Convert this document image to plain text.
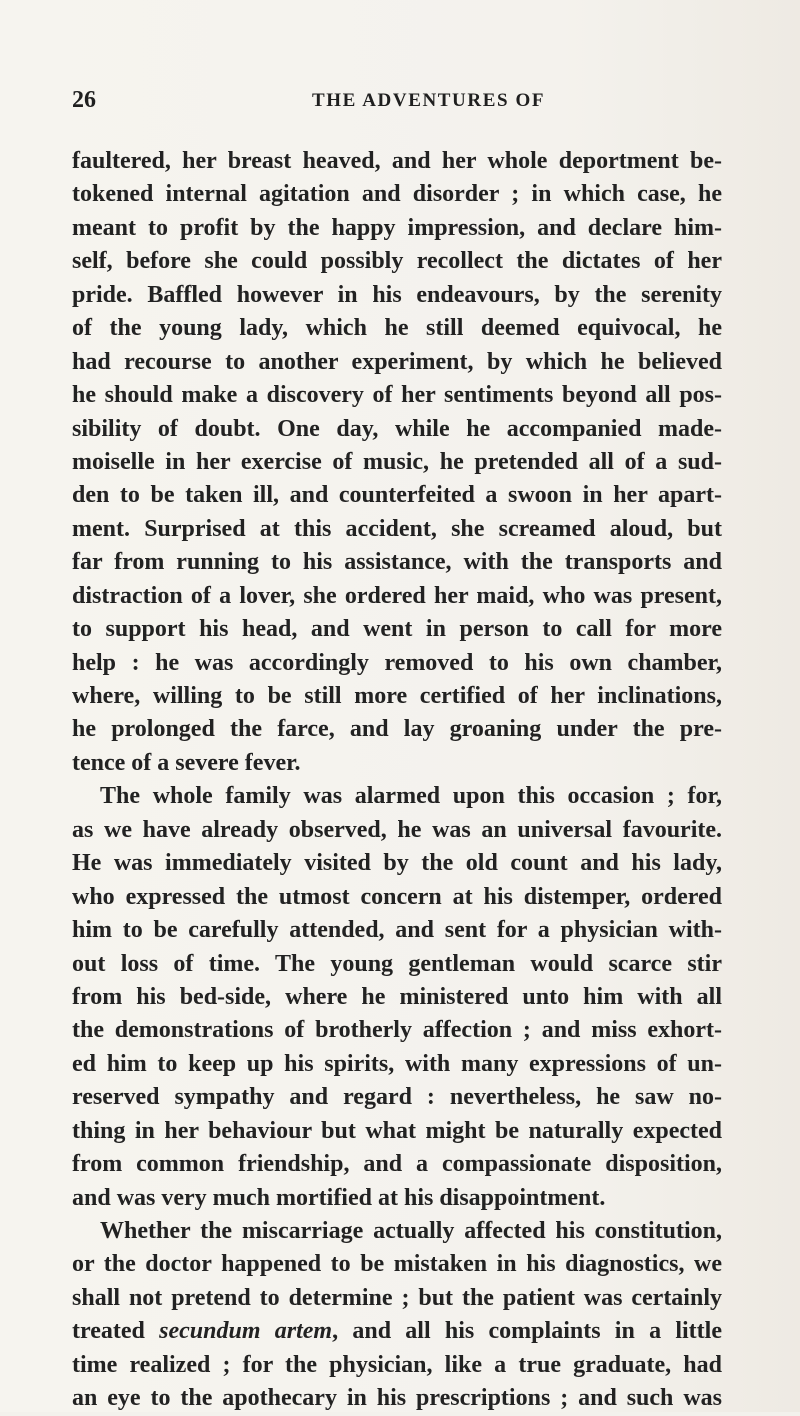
26	THE ADVENTURES OF
faultered, her breast heaved, and her whole deportment be-
tokened internal agitation and disorder ; in which case, he
meant to profit by the happy impression, and declare him-
self, before she could possibly recollect the dictates of her
pride. Baffled however in his endeavours, by the serenity
of the young lady, which he still deemed equivocal, he
had recourse to another experiment, by which he believed
he should make a discovery of her sentiments beyond all pos-
sibility of doubt. One day, while he accompanied made-
moiselle in her exercise of music, he pretended all of a sud-
den to be taken ill, and counterfeited a swoon in her apart-
ment. Surprised at this accident, she screamed aloud, but
far from running to his assistance, with the transports and
distraction of a lover, she ordered her maid, who was present,
to support his head, and went in person to call for more
help : he was accordingly removed to his own chamber,
where, willing to be still more certified of her inclinations,
he prolonged the farce, and lay groaning under the pre-
tence of a severe fever.
The whole family was alarmed upon this occasion ; for,
as we have already observed, he was an universal favourite.
He was immediately visited by the old count and his lady,
who expressed the utmost concern at his distemper, ordered
him to be carefully attended, and sent for a physician with-
out loss of time. The young gentleman would scarce stir
from his bed-side, where he ministered unto him with all
the demonstrations of brotherly affection ; and miss exhort-
ed him to keep up his spirits, with many expressions of un-
reserved sympathy and regard : nevertheless, he saw no-
thing in her behaviour but what might be naturally expected
from common friendship, and a compassionate disposition,
and was very much mortified at his disappointment.
Whether the miscarriage actually affected his constitution,
or the doctor happened to be mistaken in his diagnostics, we
shall not pretend to determine ; but the patient was certainly
treated secundum artem, and all his complaints in a little
time realized ; for the physician, like a true graduate, had
an eye to the apothecary in his prescriptions ; and such was
